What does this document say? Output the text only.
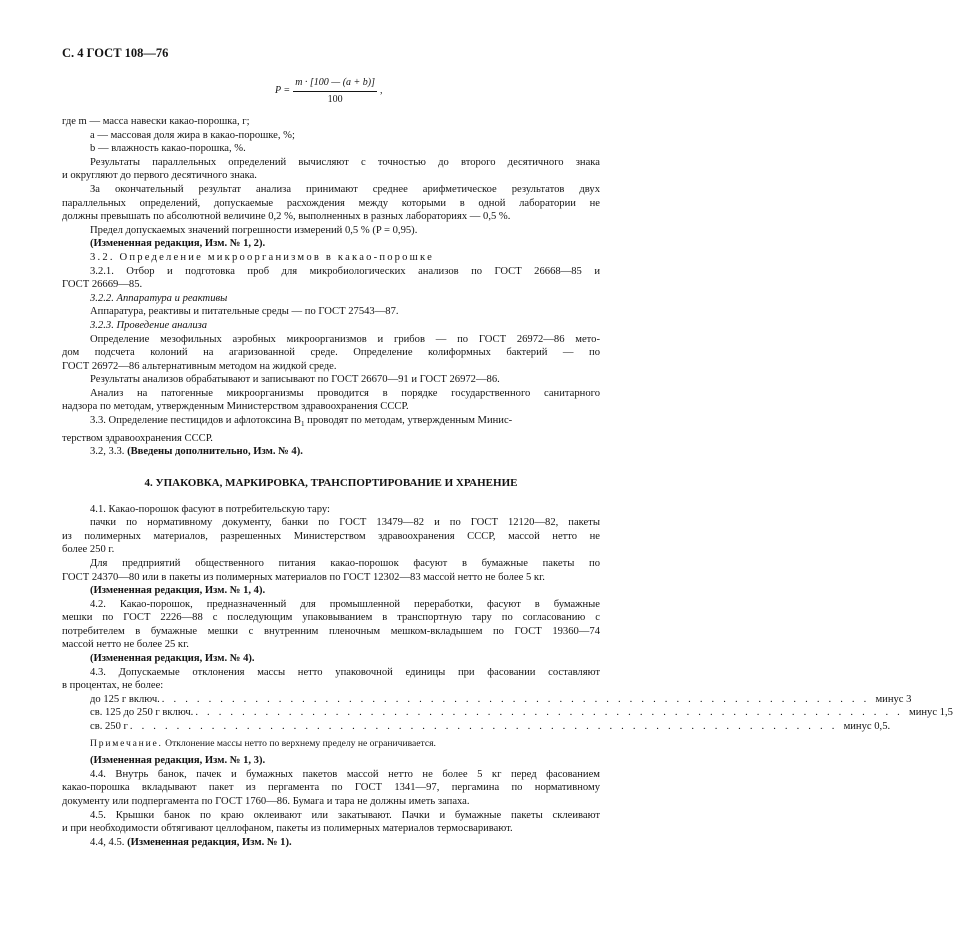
С. 4 ГОСТ 108—76
$P = \frac{m \cdot [100 — (a + b)]}{100}$ ,
где m — масса навески какао-порошка, г;
a — массовая доля жира в какао-порошке, %;
b — влажность какао-порошка, %.
Результаты параллельных определений вычисляют с точностью до второго десятичного знака
и округляют до первого десятичного знака.
За окончательный результат анализа принимают среднее арифметическое результатов двух
параллельных определений, допускаемые расхождения между которыми в одной лаборатории не
должны превышать по абсолютной величине 0,2 %, выполненных в разных лабораториях — 0,5 %.
Предел допускаемых значений погрешности измерений 0,5 % (P = 0,95).
(Измененная редакция, Изм. № 1, 2).
3.2. Определение микроорганизмов в какао-порошке
3.2.1. Отбор и подготовка проб для микробиологических анализов по ГОСТ 26668—85 и
ГОСТ 26669—85.
3.2.2. Аппаратура и реактивы
Аппаратура, реактивы и питательные среды — по ГОСТ 27543—87.
3.2.3. Проведение анализа
Определение мезофильных аэробных микроорганизмов и грибов — по ГОСТ 26972—86 мето-
дом подсчета колоний на агаризованной среде. Определение колиформных бактерий — по
ГОСТ 26972—86 альтернативным методом на жидкой среде.
Результаты анализов обрабатывают и записывают по ГОСТ 26670—91 и ГОСТ 26972—86.
Анализ на патогенные микроорганизмы проводится в порядке государственного санитарного
надзора по методам, утвержденным Министерством здравоохранения СССР.
3.3. Определение пестицидов и афлотоксина $В_1$ проводят по методам, утвержденным Минис-
терством здравоохранения СССР.
3.2, 3.3. (Введены дополнительно, Изм. № 4).
4. УПАКОВКА, МАРКИРОВКА, ТРАНСПОРТИРОВАНИЕ И ХРАНЕНИЕ
4.1. Какао-порошок фасуют в потребительскую тару:
пачки по нормативному документу, банки по ГОСТ 13479—82 и по ГОСТ 12120—82, пакеты
из полимерных материалов, разрешенных Министерством здравоохранения СССР, массой нетто не
более 250 г.
Для предприятий общественного питания какао-порошок фасуют в бумажные пакеты по
ГОСТ 24370—80 или в пакеты из полимерных материалов по ГОСТ 12302—83 массой нетто не более 5 кг.
(Измененная редакция, Изм. № 1, 4).
4.2. Какао-порошок, предназначенный для промышленной переработки, фасуют в бумажные
мешки по ГОСТ 2226—88 с последующим упаковыванием в транспортную тару по согласованию с
потребителем в бумажные мешки с внутренним пленочным мешком-вкладышем по ГОСТ 19360—74
массой нетто не более 25 кг.
(Измененная редакция, Изм. № 4).
4.3. Допускаемые отклонения массы нетто упаковочной единицы при фасовании составляют
в процентах, не более:
до 125 г включ. . . . . . . . . . . . . . . . . . . . . . . . . . . . . . . . . . . . . . . . . . . . . . . . . . . . . . . . . . . . . . минус 3
св. 125 до 250 г включ. . . . . . . . . . . . . . . . . . . . . . . . . . . . . . . . . . . . . . . . . . . . . . . . . . . . . . . . . . . . . . минус 1,5
св. 250 г . . . . . . . . . . . . . . . . . . . . . . . . . . . . . . . . . . . . . . . . . . . . . . . . . . . . . . . . . . . . . минус 0,5.
Примечание. Отклонение массы нетто по верхнему пределу не ограничивается.
(Измененная редакция, Изм. № 1, 3).
4.4. Внутрь банок, пачек и бумажных пакетов массой нетто не более 5 кг перед фасованием
какао-порошка вкладывают пакет из пергамента по ГОСТ 1341—97, пергамина по нормативному
документу или подпергамента по ГОСТ 1760—86. Бумага и тара не должны иметь запаха.
4.5. Крышки банок по краю оклеивают или закатывают. Пачки и бумажные пакеты склеивают
и при необходимости обтягивают целлофаном, пакеты из полимерных материалов термосваривают.
4.4, 4.5. (Измененная редакция, Изм. № 1).
